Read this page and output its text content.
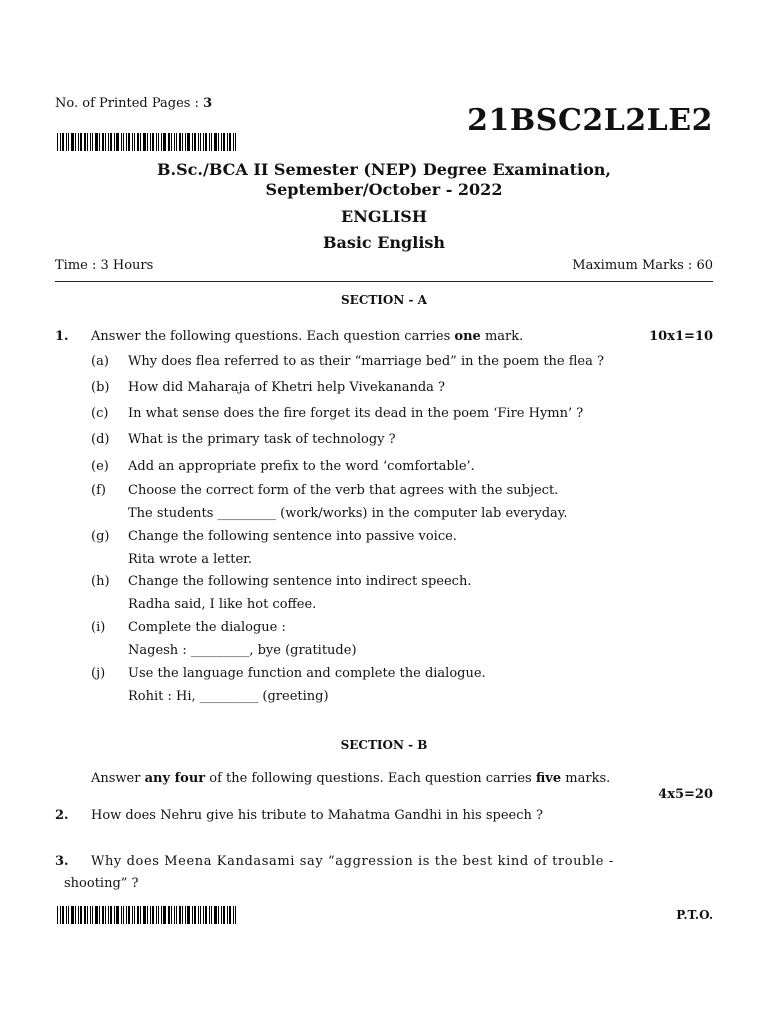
No. of Printed Pages : 3	21BSC2L2LE2
B.Sc./BCA II Semester (NEP) Degree Examination,
September/October - 2022
ENGLISH
Basic English
Time : 3 Hours	Maximum Marks : 60
SECTION - A
1. Answer the following questions. Each question carries one mark.	10x1=10
(a) Why does flea referred to as their “marriage bed” in the poem the flea ?
(b) How did Maharaja of Khetri help Vivekananda ?
(c) In what sense does the fire forget its dead in the poem ‘Fire Hymn’ ?
(d) What is the primary task of technology ?
(e) Add an appropriate prefix to the word ‘comfortable’.
(f) Choose the correct form of the verb that agrees with the subject.
The students _________ (work/works) in the computer lab everyday.
(g) Change the following sentence into passive voice.
Rita wrote a letter.
(h) Change the following sentence into indirect speech.
Radha said, I like hot coffee.
(i) Complete the dialogue :
Nagesh : _________, bye (gratitude)
(j) Use the language function and complete the dialogue.
Rohit : Hi, _________ (greeting)
SECTION - B
Answer any four of the following questions. Each question carries five marks.
4x5=20
2. How does Nehru give his tribute to Mahatma Gandhi in his speech ?
3. Why does Meena Kandasami say “aggression is the best kind of trouble -
shooting” ?
P.T.O.
